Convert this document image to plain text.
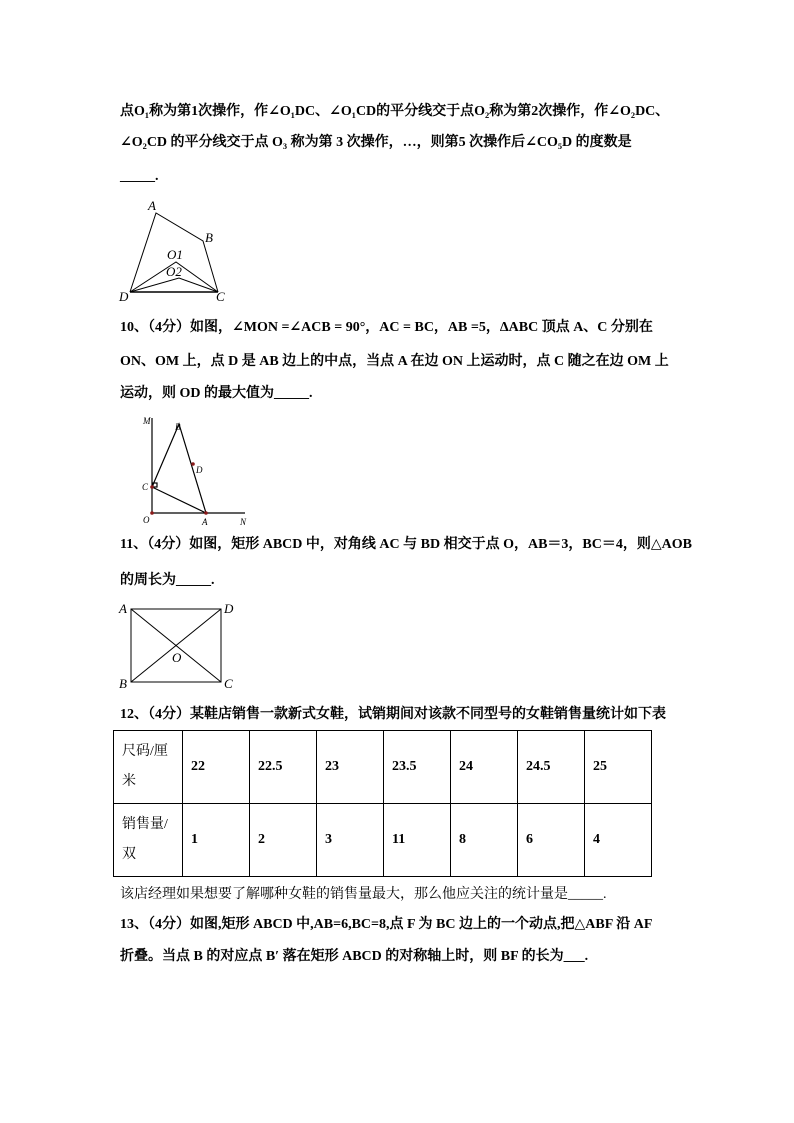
点O₁称为第1次操作，作∠O₁DC、∠O₁CD的平分线交于点O₂称为第2次操作，作∠O₂DC、
∠O₂CD 的平分线交于点 O₃ 称为第 3 次操作，…，则第5 次操作后∠CO₅D 的度数是
_____.
A
B
O1
O2
D	C
M
B
D
C
O	A	N
A	D
O
B	C
10、（4分）如图，∠MON =∠ACB = 90°，AC = BC，AB =5，ΔABC 顶点 A、C 分别在
ON、OM 上，点 D 是 AB 边上的中点，当点 A 在边 ON 上运动时，点 C 随之在边 OM 上
运动，则 OD 的最大值为_____.
11、（4分）如图，矩形 ABCD 中，对角线 AC 与 BD 相交于点 O，AB＝3，BC＝4，则△AOB
的周长为_____.
12、（4分）某鞋店销售一款新式女鞋，试销期间对该款不同型号的女鞋销售量统计如下表
尺码/厘米	22	22.5	23	23.5	24	24.5	25
销售量/双	1	2	3	11	8	6	4
该店经理如果想要了解哪种女鞋的销售量最大，那么他应关注的统计量是_____.
13、（4分）如图,矩形 ABCD 中,AB=6,BC=8,点 F 为 BC 边上的一个动点,把△ABF 沿 AF
折叠。当点 B 的对应点 B′ 落在矩形 ABCD 的对称轴上时，则 BF 的长为___.
